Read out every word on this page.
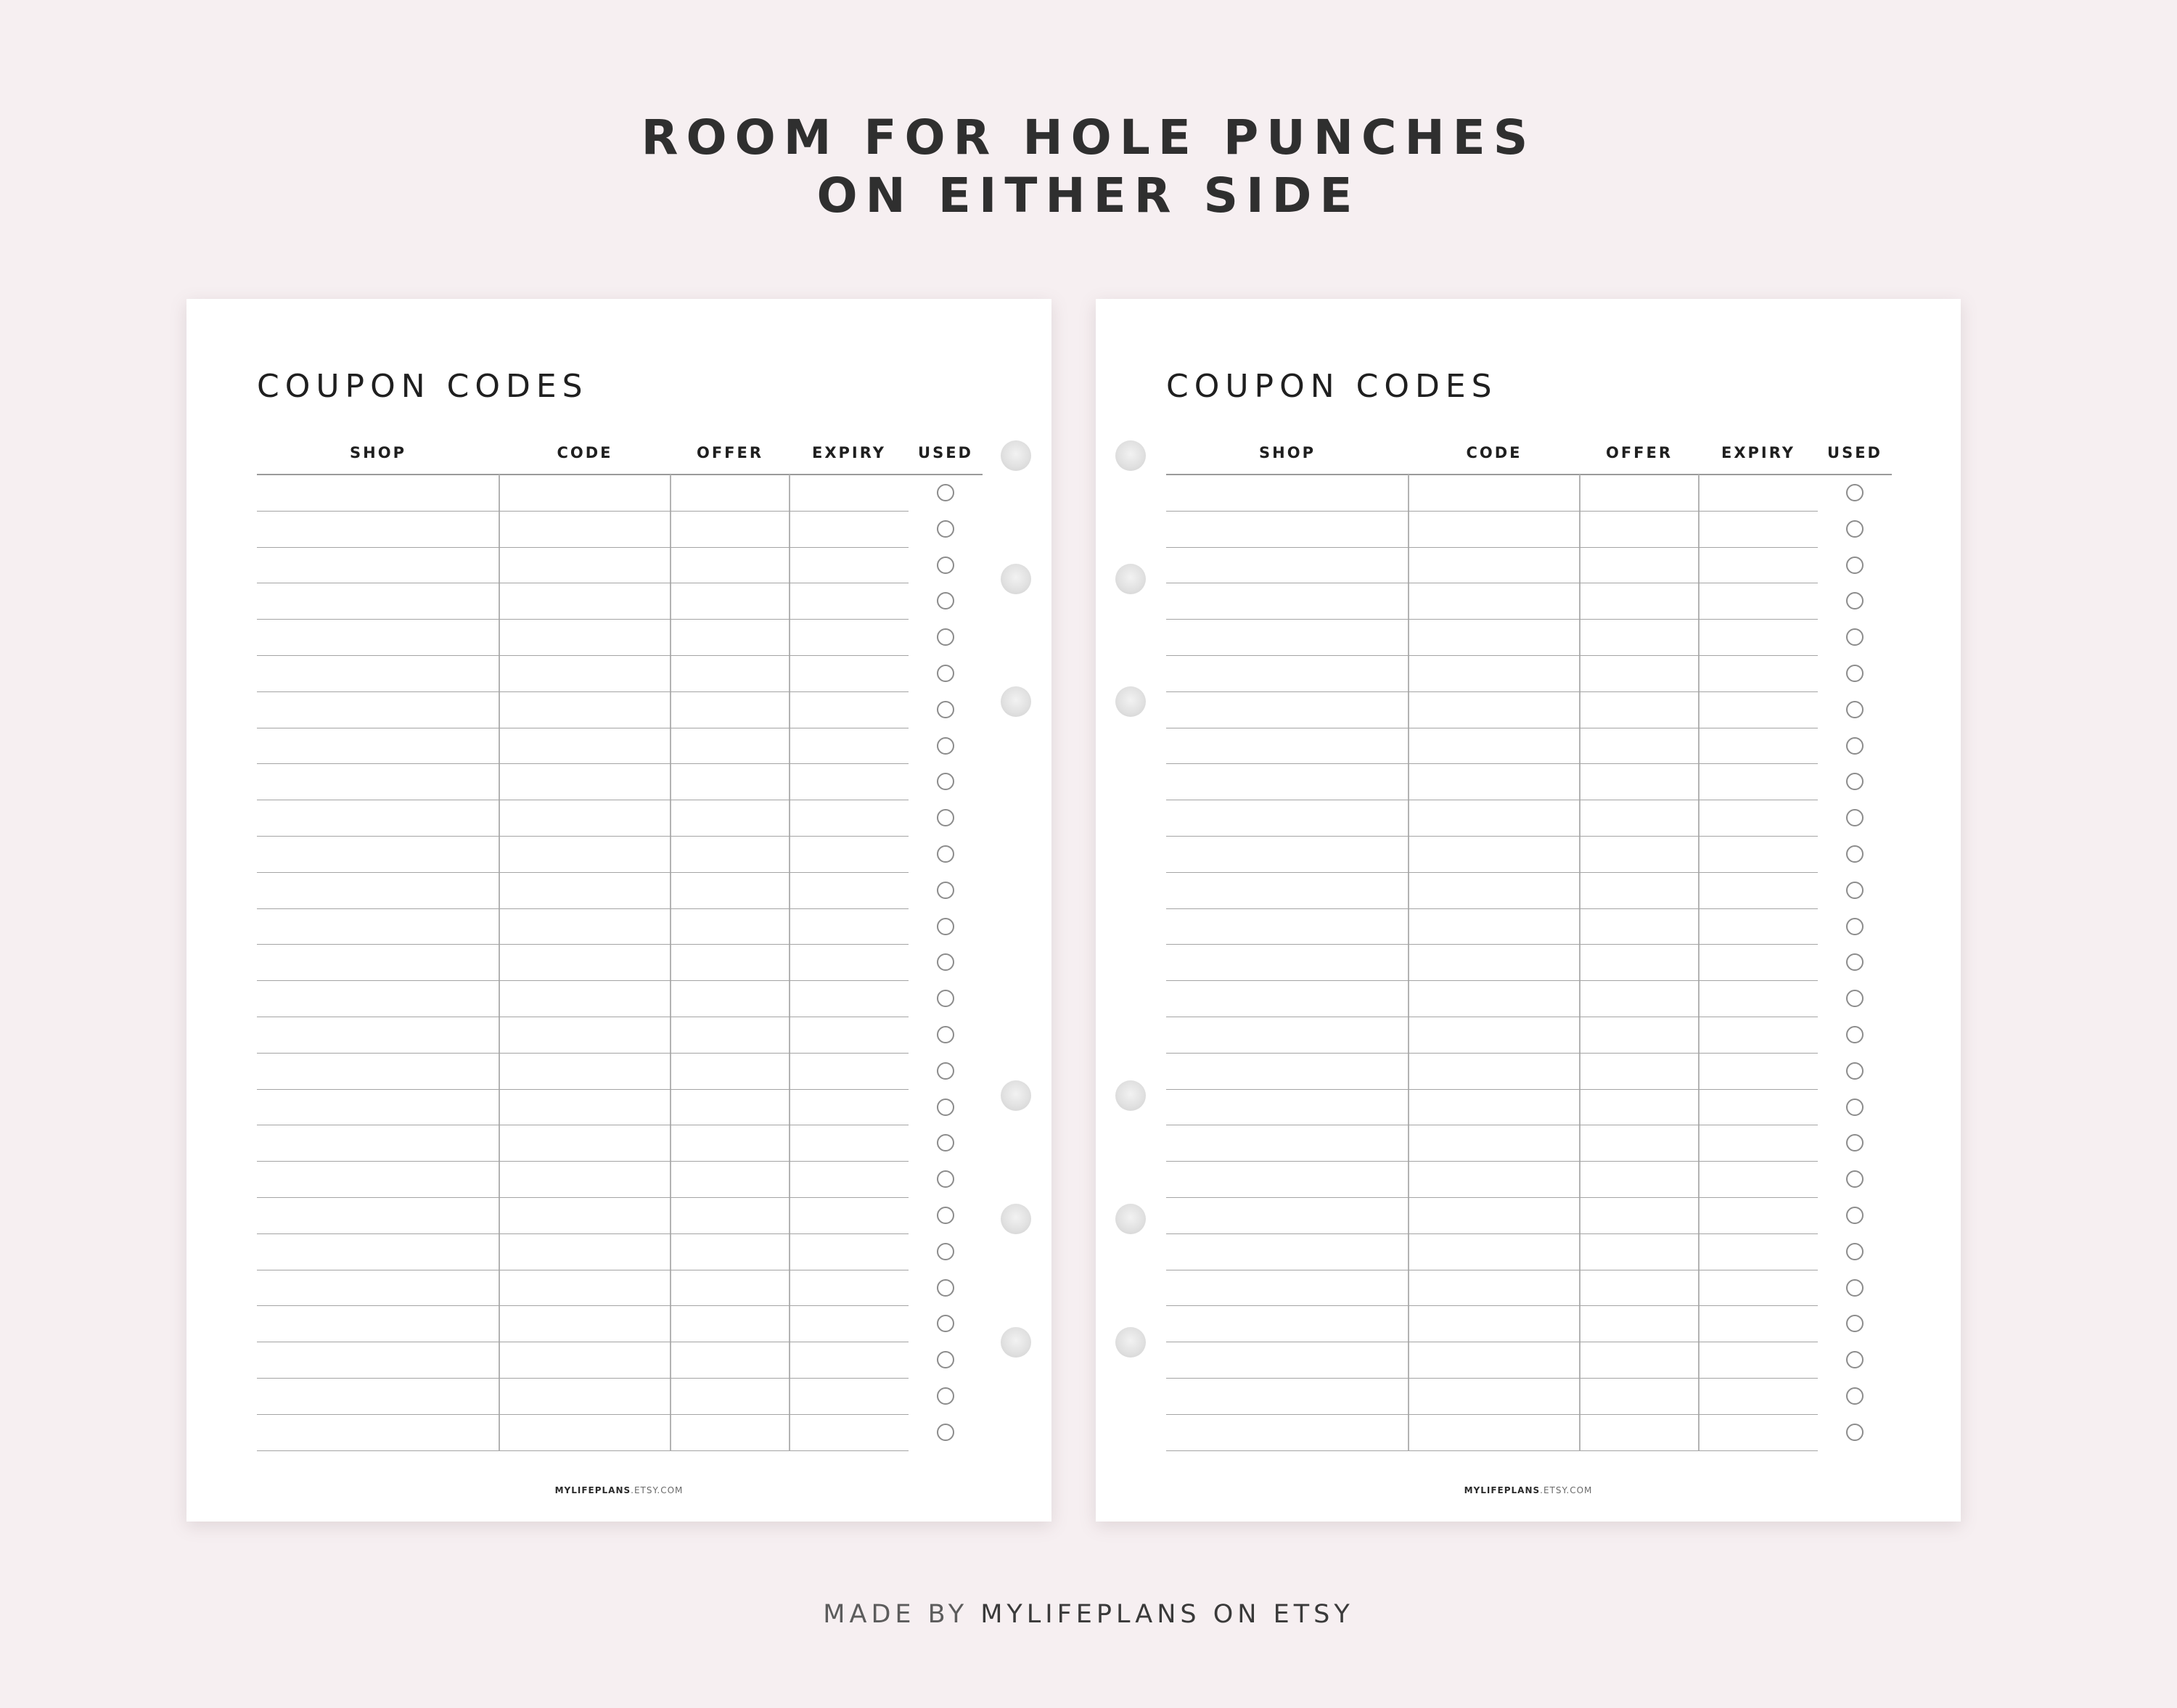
ROOM FOR HOLE PUNCHES
ON EITHER SIDE
COUPON CODES
SHOP	CODE	OFFER	EXPIRY	USED
MYLIFEPLANS.ETSY.COM
COUPON CODES
SHOP	CODE	OFFER	EXPIRY	USED
MYLIFEPLANS.ETSY.COM
MADE BY MYLIFEPLANS ON ETSY
